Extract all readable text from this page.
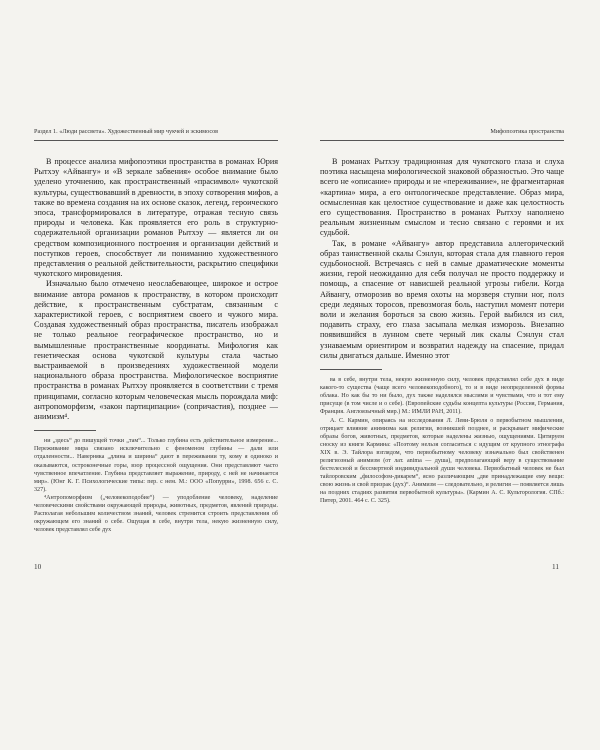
Раздел 1. «Люди рассвета». Художественный мир чукчей и эскимосов

В процессе анализа мифопоэтики пространства в романах Юрия Рытхэу «Айвангу» и «В зеркале забвения» особое внимание было уделено уточнению, как пространственный «прасимвол» чукотской культуры, существовавший в древности, в эпоху сотворения мифов, а также во времена создания на их основе сказок, легенд, героического эпоса, трансформировался в литературе, отражая тесную связь природы и человека. Как проявляется его роль в структурно-содержательной организации романов Рытхэу — является ли он средством композиционного построения и организации действий и поступков героев, способствует ли пониманию художественного представления о реальной действительности, раскрытию специфики чукотского мировидения.

Изначально было отмечено неослабевающее, широкое и острое внимание автора романов к пространству, в котором происходит действие, к пространственным субстратам, связанным с характеристикой героев, с восприятием своего и чужого мира. Создавая художественный образ пространства, писатель изображал не только реальное географическое пространство, но и вымышленные пространственные координаты. Мифология как генетическая основа чукотской культуры стала частью выстраиваемой в произведениях художественной модели национального образа пространства. Мифологическое восприятие пространства в романах Рытхэу проявляется в соответствии с тремя принципами, согласно которым человеческая мысль порождала миф: антропоморфизм, «закон партиципации» (сопричастия), позднее — анимизм⁴.

ни „здесь“ до пишущей точки „там“... Только глубина есть действительное измерение... Переживание мира связано исключительно с феноменом глубины — дали или отдаленности... Наверняка „длина и ширина“ дают в переживании ту, кому я одиноко и оказываются, остроконечные горы, взор процессной ощущения. Они представляют часто чувственное впечатление. Глубина представляет выражение, природу, с ней не начинается мир». (Юнг К. Г. Психологические типы: пер. с нем. М.: ООО «Попурри», 1998. 656 с. С. 327).

⁴Антропоморфизм („человекоподобие“) — уподобление человеку, наделение человеческими свойствами окружающей природы, животных, предметов, явлений природы. Располагая небольшим количеством знаний, человек стремится строить представления об окружающем его знаний о себе. Ощущая в себе, внутри тела, некую жизненную силу, человек представлял себе дух

Мифопоэтика пространства

В романах Рытхэу традиционная для чукотского глаза и слуха поэтика насыщена мифологической знаковой образностью. Это чаще всего не «описание» природы и не «переживание», не фрагментарная «картина» мира, а его онтологическое представление. Образ мира, осмысленная как целостное существование и даже как целостность его существования. Пространство в романах Рытхэу наполнено реальным жизненным смыслом и тесно связано с героями и их судьбой.

Так, в романе «Айвангу» автор представила аллегорический образ таинственной скалы Сэнлун, которая стала для главного героя судьбоносной. Встречаясь с ней в самые драматические моменты жизни, герой неожиданно для себя получал не просто поддержку и помощь, а спасение от нависшей реальной угрозы гибели. Когда Айвангу, отморозив во время охоты на морзверя ступни ног, полз среди ледяных торосов, превозмогая боль, наступил момент потери воли и желания бороться за свою жизнь. Герой выбился из сил, подавить страху, его глаза засыпала мелкая изморозь. Внезапно появившийся в лунном свете черный лик скалы Сэнлун стал узнаваемым ориентиром и возвратил надежду на спасение, придал силы двигаться дальше. Именно этот

ва в себе, внутри тела, некую жизненную силу, человек представлял себе дух в виде какого-то существа (чаще всего человекоподобного), то и в виде неопределенной формы облака. Но как бы то ни было, дух также наделялся мыслями и чувствами, что и тот ему присуще (в том числе и о себе). (Европейские судьбы концепта культуры (Россия, Германия, Франция. Англоязычный мир.) М.: ИМЛИ РАН, 2011).

А. С. Кармин, опираясь на исследования Л. Леви-Брюля о первобытном мышлении, отрицает влияние анимизма как религии, возникшей позднее, и раскрывает мифические образы богов, животных, предметов, которые наделены жизнью, ощущениями. Цитируем сноску из книги Кармина: «Поэтому нельзя согласиться с идущим от крупного этнографа XIX в. Э. Тайлора взглядом, что первобытному человеку изначально был свойственен религиозный анимизм (от лат. anima — душа), предполагающий веру в существование бестелесной и бессмертной индивидуальной души человека. Первобытный человек не был тайлоровским „философом-дикарем“, ясно различающим „две принадлежащие ему вещи: свою жизнь и свой призрак (дух)“. Анимизм — следовательно, и религия — появляется лишь на поздних стадиях развития первобытной культуры». (Кармин А. С. Культорология. СПб.: Питер, 2001. 464 с. С. 325).

10	11
